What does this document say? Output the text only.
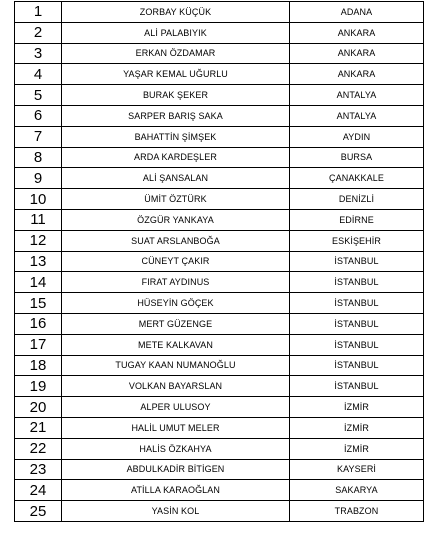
1	ZORBAY KÜÇÜK	ADANA
2	ALİ PALABIYIK	ANKARA
3	ERKAN ÖZDAMAR	ANKARA
4	YAŞAR KEMAL UĞURLU	ANKARA
5	BURAK ŞEKER	ANTALYA
6	SARPER BARIŞ SAKA	ANTALYA
7	BAHATTİN ŞİMŞEK	AYDIN
8	ARDA KARDEŞLER	BURSA
9	ALİ ŞANSALAN	ÇANAKKALE
10	ÜMİT ÖZTÜRK	DENİZLİ
11	ÖZGÜR YANKAYA	EDİRNE
12	SUAT ARSLANBOĞA	ESKİŞEHİR
13	CÜNEYT ÇAKIR	İSTANBUL
14	FIRAT AYDINUS	İSTANBUL
15	HÜSEYİN GÖÇEK	İSTANBUL
16	MERT GÜZENGE	İSTANBUL
17	METE KALKAVAN	İSTANBUL
18	TUGAY KAAN NUMANOĞLU	İSTANBUL
19	VOLKAN BAYARSLAN	İSTANBUL
20	ALPER ULUSOY	İZMİR
21	HALİL UMUT MELER	İZMİR
22	HALİS ÖZKAHYA	İZMİR
23	ABDULKADİR BİTİGEN	KAYSERİ
24	ATİLLA KARAOĞLAN	SAKARYA
25	YASİN KOL	TRABZON
